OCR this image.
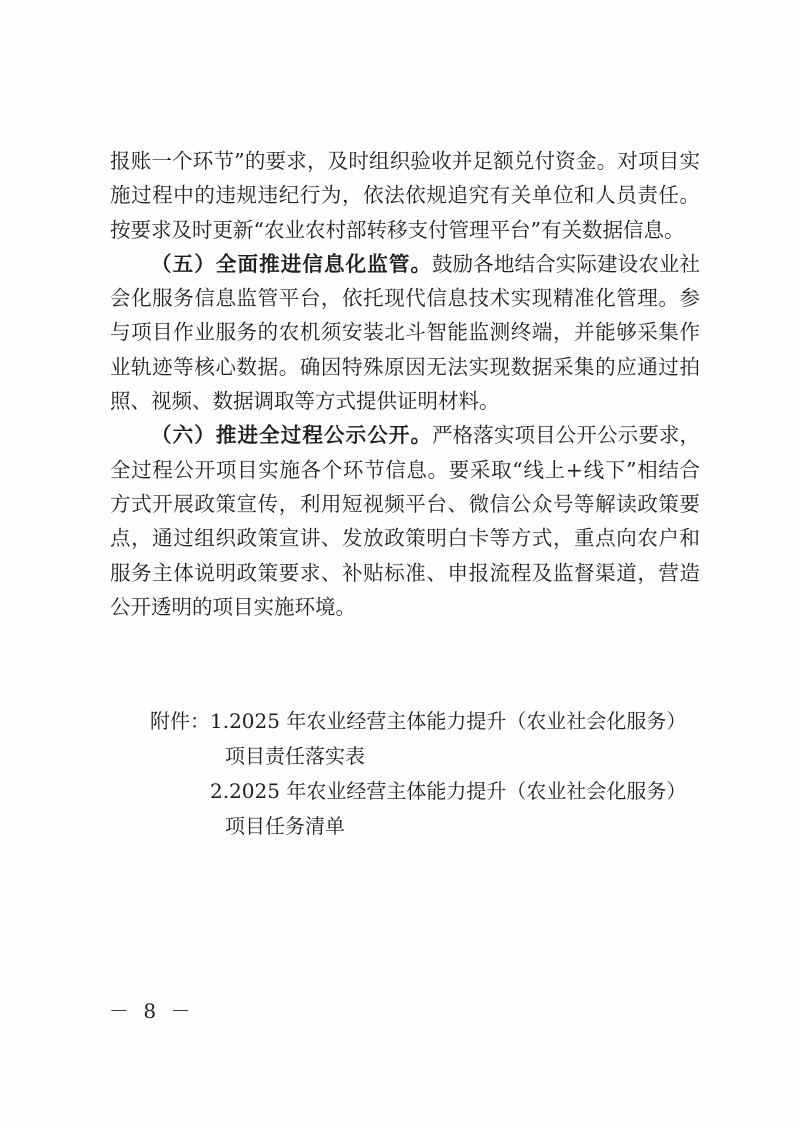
报账一个环节”的要求，及时组织验收并足额兑付资金。对项目实施过程中的违规违纪行为，依法依规追究有关单位和人员责任。按要求及时更新“农业农村部转移支付管理平台”有关数据信息。

（五）全面推进信息化监管。鼓励各地结合实际建设农业社会化服务信息监管平台，依托现代信息技术实现精准化管理。参与项目作业服务的农机须安装北斗智能监测终端，并能够采集作业轨迹等核心数据。确因特殊原因无法实现数据采集的应通过拍照、视频、数据调取等方式提供证明材料。

（六）推进全过程公示公开。严格落实项目公开公示要求，全过程公开项目实施各个环节信息。要采取“线上+线下”相结合方式开展政策宣传，利用短视频平台、微信公众号等解读政策要点，通过组织政策宣讲、发放政策明白卡等方式，重点向农户和服务主体说明政策要求、补贴标准、申报流程及监督渠道，营造公开透明的项目实施环境。

附件： 1.2025 年农业经营主体能力提升（农业社会化服务）
项目责任落实表
2.2025 年农业经营主体能力提升（农业社会化服务）
项目任务清单
－ 8 －
